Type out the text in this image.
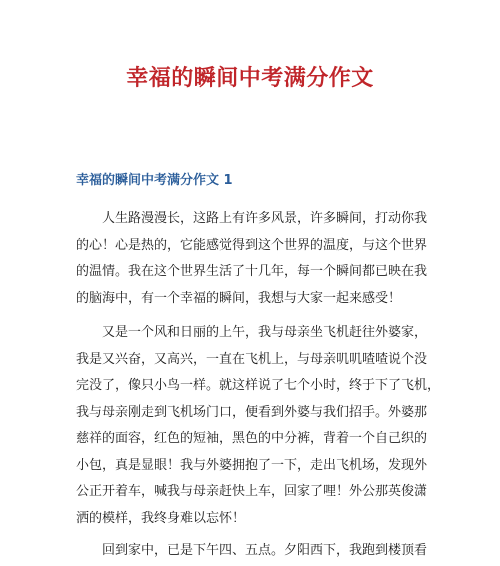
幸福的瞬间中考满分作文
幸福的瞬间中考满分作文 1

　　人生路漫漫长，这路上有许多风景，许多瞬间，打动你我
的心！心是热的，它能感觉得到这个世界的温度，与这个世界
的温情。我在这个世界生活了十几年，每一个瞬间都已映在我
的脑海中，有一个幸福的瞬间，我想与大家一起来感受！

　　又是一个风和日丽的上午，我与母亲坐飞机赶往外婆家，
我是又兴奋，又高兴，一直在飞机上，与母亲叽叽喳喳说个没
完没了，像只小鸟一样。就这样说了七个小时，终于下了飞机，
我与母亲刚走到飞机场门口，便看到外婆与我们招手。外婆那
慈祥的面容，红色的短袖，黑色的中分裤，背着一个自己织的
小包，真是显眼！我与外婆拥抱了一下，走出飞机场，发现外
公正开着车，喊我与母亲赶快上车，回家了哩！外公那英俊潇
洒的模样，我终身难以忘怀！

　　回到家中，已是下午四、五点。夕阳西下，我跑到楼顶看
